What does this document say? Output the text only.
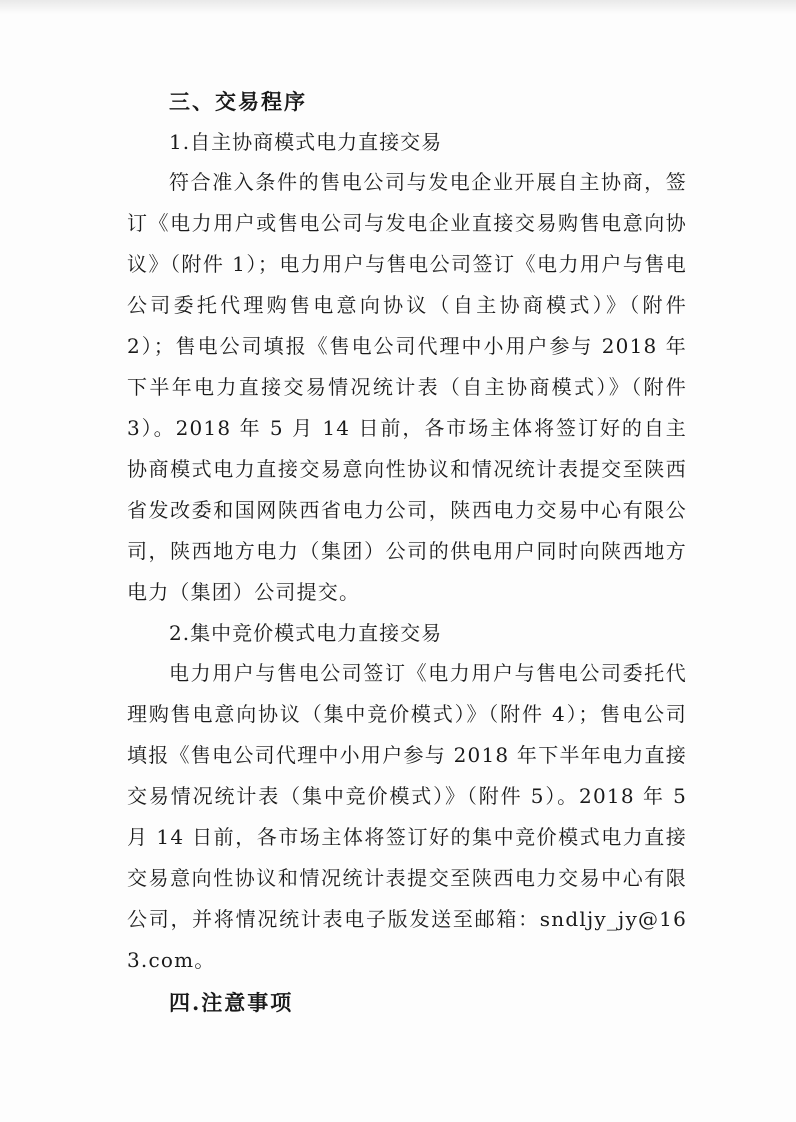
三、交易程序

1.自主协商模式电力直接交易

符合准入条件的售电公司与发电企业开展自主协商，签订《电力用户或售电公司与发电企业直接交易购售电意向协议》（附件 1）；电力用户与售电公司签订《电力用户与售电公司委托代理购售电意向协议（自主协商模式）》（附件 2）；售电公司填报《售电公司代理中小用户参与 2018 年下半年电力直接交易情况统计表（自主协商模式）》（附件 3）。2018 年 5 月 14 日前，各市场主体将签订好的自主协商模式电力直接交易意向性协议和情况统计表提交至陕西省发改委和国网陕西省电力公司，陕西电力交易中心有限公司，陕西地方电力（集团）公司的供电用户同时向陕西地方电力（集团）公司提交。

2.集中竞价模式电力直接交易

电力用户与售电公司签订《电力用户与售电公司委托代理购售电意向协议（集中竞价模式）》（附件 4）；售电公司填报《售电公司代理中小用户参与 2018 年下半年电力直接交易情况统计表（集中竞价模式）》（附件 5）。2018 年 5 月 14 日前，各市场主体将签订好的集中竞价模式电力直接交易意向性协议和情况统计表提交至陕西电力交易中心有限公司，并将情况统计表电子版发送至邮箱：sndljy_jy@163.com。

四.注意事项
